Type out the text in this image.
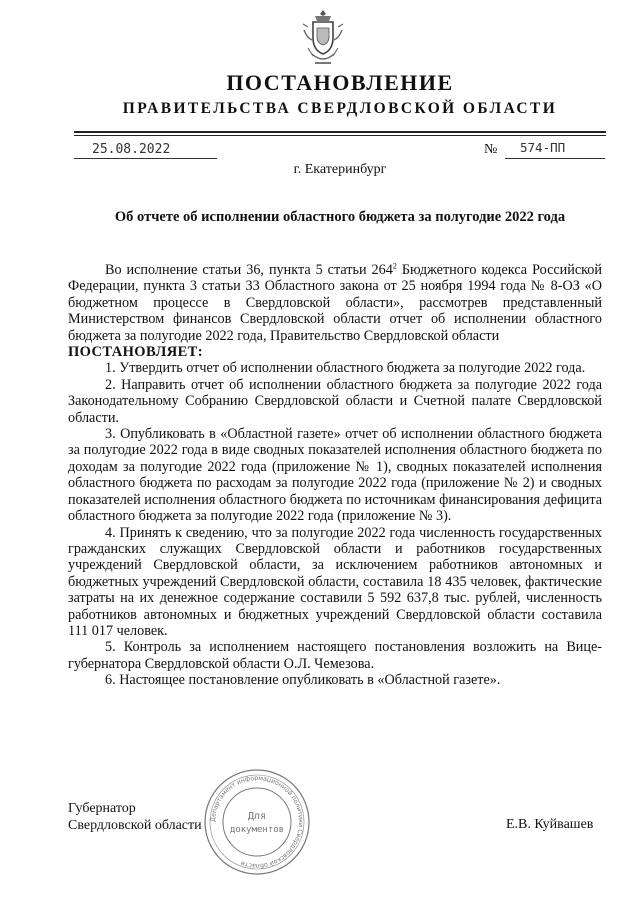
ПОСТАНОВЛЕНИЕ
ПРАВИТЕЛЬСТВА СВЕРДЛОВСКОЙ ОБЛАСТИ
25.08.2022	№ 574-ПП
г. Екатеринбург
Об отчете об исполнении областного бюджета за полугодие 2022 года

Во исполнение статьи 36, пункта 5 статьи $264^2$ Бюджетного кодекса Российской Федерации, пункта 3 статьи 33 Областного закона от 25 ноября 1994 года № 8-ОЗ «О бюджетном процессе в Свердловской области», рассмотрев представленный Министерством финансов Свердловской области отчет об исполнении областного бюджета за полугодие 2022 года, Правительство Свердловской области

ПОСТАНОВЛЯЕТ:

1. Утвердить отчет об исполнении областного бюджета за полугодие 2022 года.

2. Направить отчет об исполнении областного бюджета за полугодие 2022 года Законодательному Собранию Свердловской области и Счетной палате Свердловской области.

3. Опубликовать в «Областной газете» отчет об исполнении областного бюджета за полугодие 2022 года в виде сводных показателей исполнения областного бюджета по доходам за полугодие 2022 года (приложение № 1), сводных показателей исполнения областного бюджета по расходам за полугодие 2022 года (приложение № 2) и сводных показателей исполнения областного бюджета по источникам финансирования дефицита областного бюджета за полугодие 2022 года (приложение № 3).

4. Принять к сведению, что за полугодие 2022 года численность государственных гражданских служащих Свердловской области и работников государственных учреждений Свердловской области, за исключением работников автономных и бюджетных учреждений Свердловской области, составила 18 435 человек, фактические затраты на их денежное содержание составили 5 592 637,8 тыс. рублей, численность работников автономных и бюджетных учреждений Свердловской области составила 111 017 человек.

5. Контроль за исполнением настоящего постановления возложить на Вице-губернатора Свердловской области О.Л. Чемезова.

6. Настоящее постановление опубликовать в «Областной газете».

Губернатор
Свердловской области	Е.В. Куйвашев
Департамент информационной политики Свердловской области
Для
документов
